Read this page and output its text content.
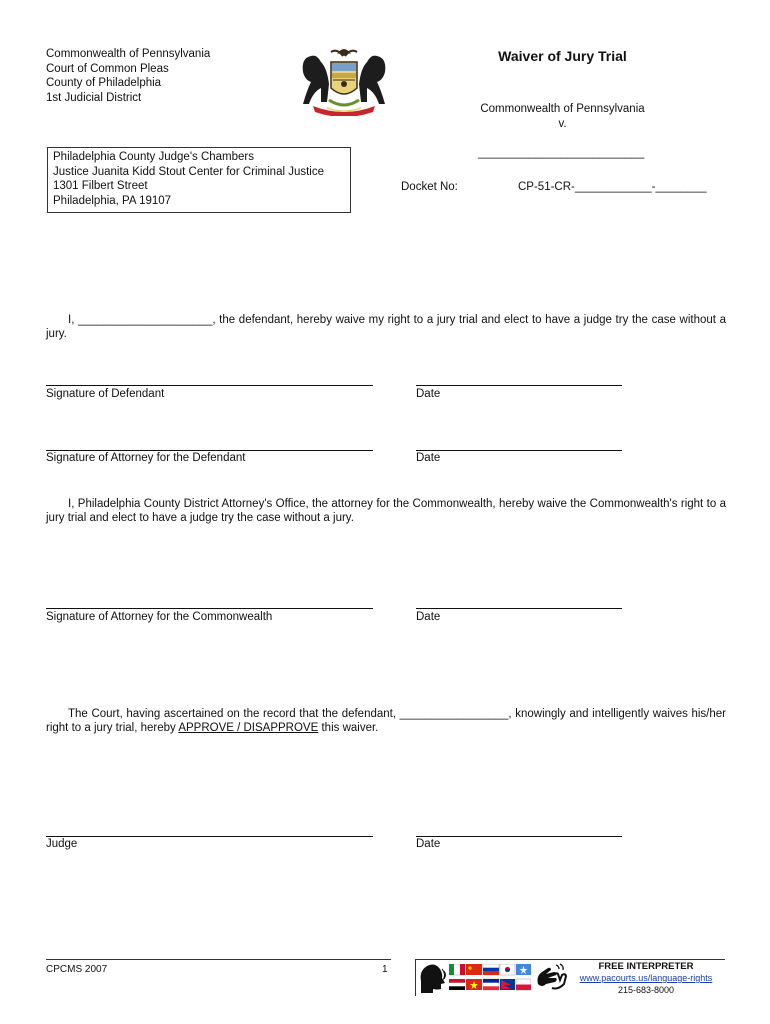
Commonwealth of Pennsylvania
Court of Common Pleas
County of Philadelphia
1st Judicial District
Waiver of Jury Trial
Commonwealth of Pennsylvania
v.
__________________________
Philadelphia County Judge's Chambers
Justice Juanita Kidd Stout Center for Criminal Justice
1301 Filbert Street
Philadelphia, PA 19107
Docket No:	CP-51-CR-____________-________
I, _____________________, the defendant, hereby waive my right to a jury trial and elect to have a judge try the case without a jury.
Signature of Defendant	Date
Signature of Attorney for the Defendant	Date
I, Philadelphia County District Attorney's Office, the attorney for the Commonwealth, hereby waive the Commonwealth's right to a jury trial and elect to have a judge try the case without a jury.
Signature of Attorney for the Commonwealth	Date
The Court, having ascertained on the record that the defendant, _________________, knowingly and intelligently waives his/her right to a jury trial, hereby APPROVE / DISAPPROVE this waiver.
Judge	Date
CPCMS 2007	1	FREE INTERPRETER
www.pacourts.us/language-rights
215-683-8000
